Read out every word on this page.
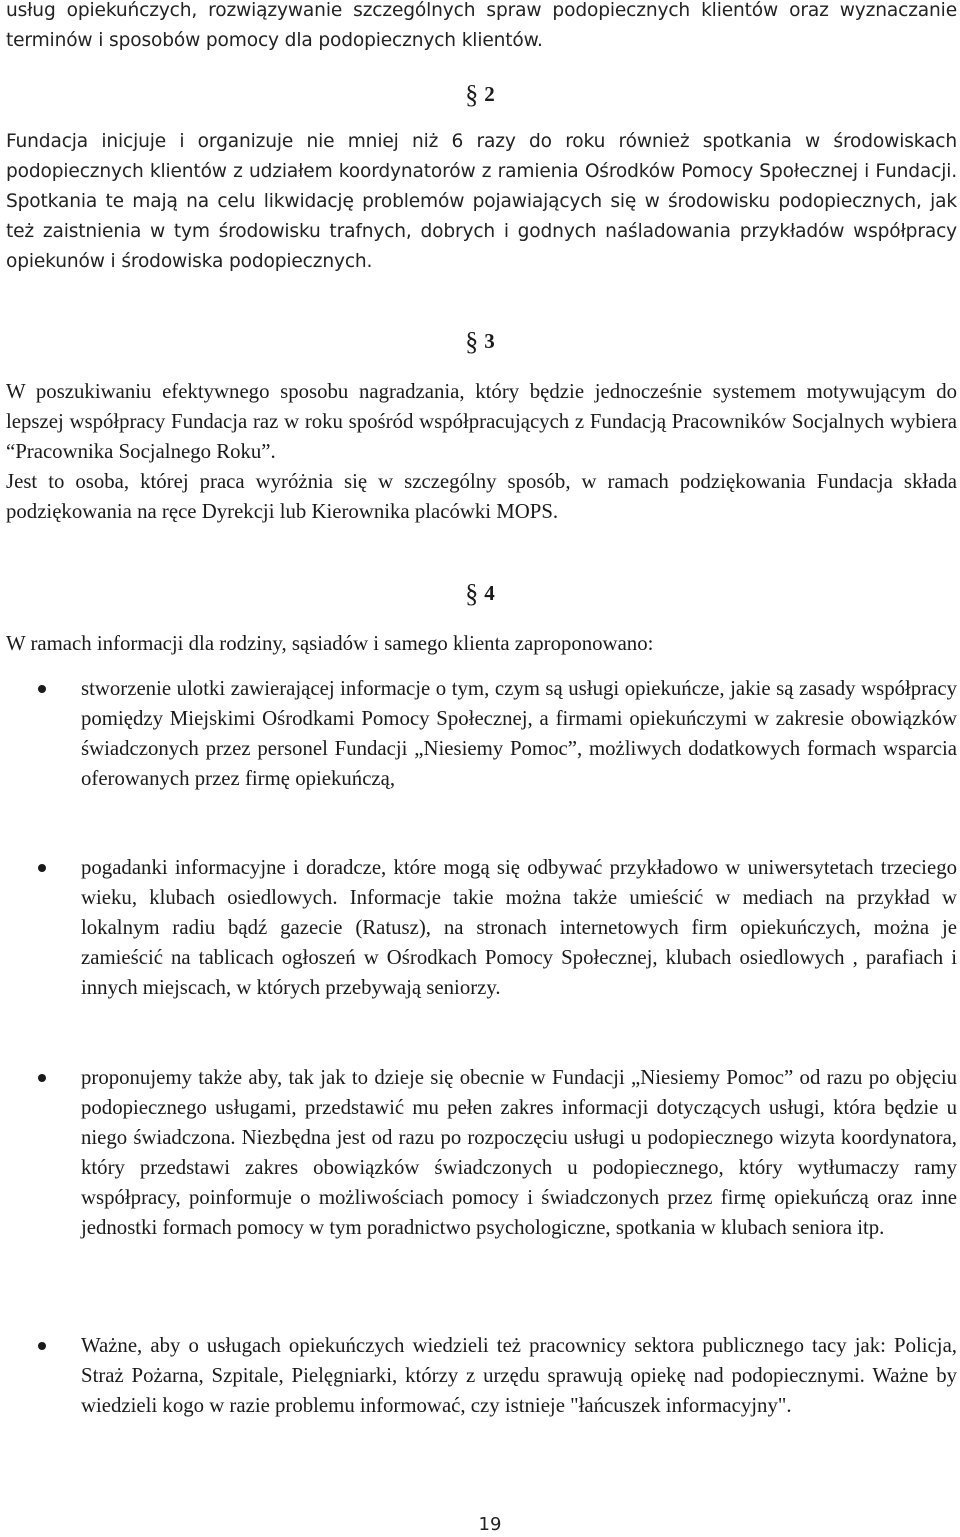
usług opiekuńczych, rozwiązywanie szczególnych spraw podopiecznych klientów oraz wyznaczanie terminów i sposobów pomocy dla podopiecznych klientów.

§ 2

Fundacja inicjuje i organizuje nie mniej niż 6 razy do roku również spotkania w środowiskach podopiecznych klientów z udziałem koordynatorów z ramienia Ośrodków Pomocy Społecznej i Fundacji. Spotkania te mają na celu likwidację problemów pojawiających się w środowisku podopiecznych, jak też zaistnienia w tym środowisku trafnych, dobrych i godnych naśladowania przykładów współpracy opiekunów i środowiska podopiecznych.

§ 3

W poszukiwaniu efektywnego sposobu nagradzania, który będzie jednocześnie systemem motywującym do lepszej współpracy Fundacja raz w roku spośród współpracujących z Fundacją Pracowników Socjalnych wybiera “Pracownika Socjalnego Roku”.

Jest to osoba, której praca wyróżnia się w szczególny sposób, w ramach podziękowania Fundacja składa podziękowania na ręce Dyrekcji lub Kierownika placówki MOPS.

§ 4

W ramach informacji dla rodziny, sąsiadów i samego klienta zaproponowano:

stworzenie ulotki zawierającej informacje o tym, czym są usługi opiekuńcze, jakie są zasady współpracy pomiędzy Miejskimi Ośrodkami Pomocy Społecznej, a firmami opiekuńczymi w zakresie obowiązków świadczonych przez personel Fundacji „Niesiemy Pomoc”, możliwych dodatkowych formach wsparcia oferowanych przez firmę opiekuńczą,

pogadanki informacyjne i doradcze, które mogą się odbywać przykładowo w uniwersytetach trzeciego wieku, klubach osiedlowych. Informacje takie można także umieścić w mediach na przykład w lokalnym radiu bądź gazecie (Ratusz), na stronach internetowych firm opiekuńczych, można je zamieścić na tablicach ogłoszeń w Ośrodkach Pomocy Społecznej, klubach osiedlowych , parafiach i innych miejscach, w których przebywają seniorzy.

proponujemy także aby, tak jak to dzieje się obecnie w Fundacji „Niesiemy Pomoc” od razu po objęciu podopiecznego usługami, przedstawić mu pełen zakres informacji dotyczących usługi, która będzie u niego świadczona. Niezbędna jest od razu po rozpoczęciu usługi u podopiecznego wizyta koordynatora, który przedstawi zakres obowiązków świadczonych u podopiecznego, który wytłumaczy ramy współpracy, poinformuje o możliwościach pomocy i świadczonych przez firmę opiekuńczą oraz inne jednostki formach pomocy w tym poradnictwo psychologiczne, spotkania w klubach seniora itp.

Ważne, aby o usługach opiekuńczych wiedzieli też pracownicy sektora publicznego tacy jak: Policja, Straż Pożarna, Szpitale, Pielęgniarki, którzy z urzędu sprawują opiekę nad podopiecznymi. Ważne by wiedzieli kogo w razie problemu informować, czy istnieje "łańcuszek informacyjny".

19
